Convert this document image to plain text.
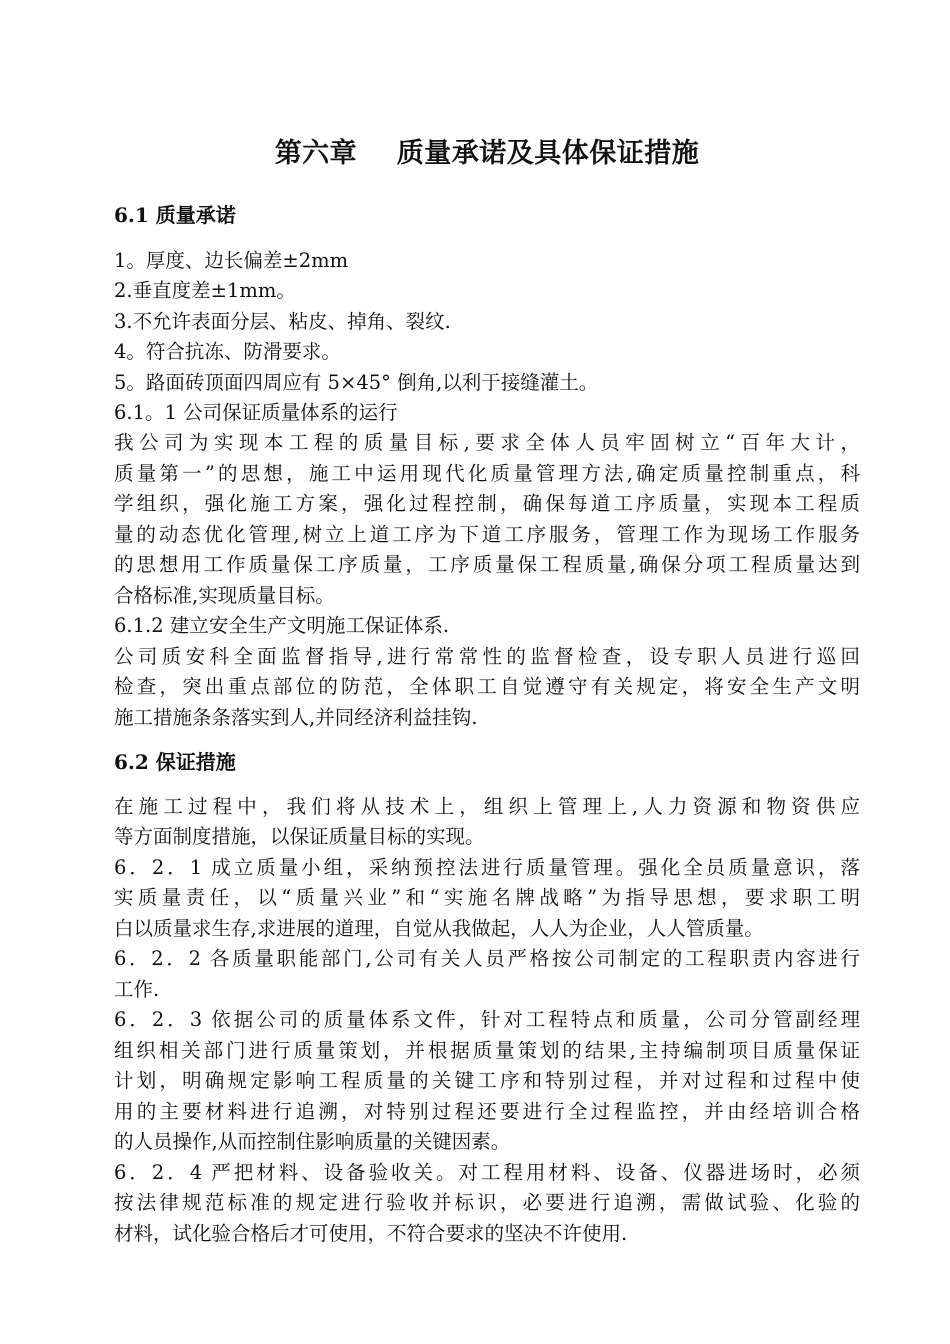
第六章    质量承诺及具体保证措施
6.1 质量承诺
1。厚度、边长偏差±2mm
2.垂直度差±1mm。
3.不允许表面分层、粘皮、掉角、裂纹.
4。符合抗冻、防滑要求。
5。路面砖顶面四周应有 5×45° 倒角,以利于接缝灌土。
6.1。1 公司保证质量体系的运行
我公司为实现本工程的质量目标,要求全体人员牢固树立“百年大计，
质量第一”的思想，施工中运用现代化质量管理方法,确定质量控制重点，科
学组织，强化施工方案，强化过程控制，确保每道工序质量，实现本工程质
量的动态优化管理,树立上道工序为下道工序服务，管理工作为现场工作服务
的思想用工作质量保工序质量，工序质量保工程质量,确保分项工程质量达到
合格标准,实现质量目标。
6.1.2 建立安全生产文明施工保证体系.
公司质安科全面监督指导,进行常常性的监督检查，设专职人员进行巡回
检查，突出重点部位的防范，全体职工自觉遵守有关规定，将安全生产文明
施工措施条条落实到人,并同经济利益挂钩.
6.2 保证措施
在施工过程中，我们将从技术上，组织上管理上,人力资源和物资供应
等方面制度措施，以保证质量目标的实现。
6．2．1 成立质量小组，采纳预控法进行质量管理。强化全员质量意识，落
实质量责任，以“质量兴业”和“实施名牌战略”为指导思想，要求职工明
白以质量求生存,求进展的道理，自觉从我做起，人人为企业，人人管质量。
6．2．2 各质量职能部门,公司有关人员严格按公司制定的工程职责内容进行
工作.
6．2．3 依据公司的质量体系文件，针对工程特点和质量，公司分管副经理
组织相关部门进行质量策划，并根据质量策划的结果,主持编制项目质量保证
计划，明确规定影响工程质量的关键工序和特别过程，并对过程和过程中使
用的主要材料进行追溯，对特别过程还要进行全过程监控，并由经培训合格
的人员操作,从而控制住影响质量的关键因素。
6．2．4 严把材料、设备验收关。对工程用材料、设备、仪器进场时，必须
按法律规范标准的规定进行验收并标识，必要进行追溯，需做试验、化验的
材料，试化验合格后才可使用，不符合要求的坚决不许使用.
